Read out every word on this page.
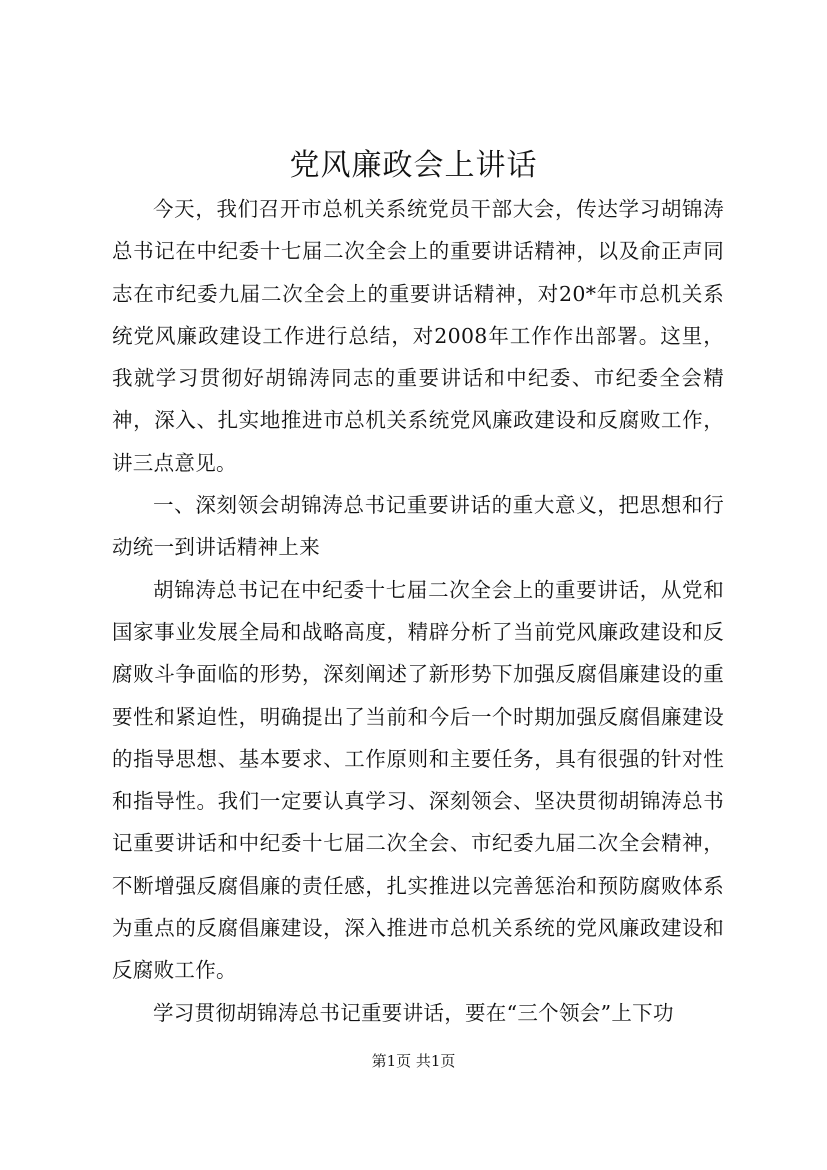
党风廉政会上讲话

今天，我们召开市总机关系统党员干部大会，传达学习胡锦涛总书记在中纪委十七届二次全会上的重要讲话精神，以及俞正声同志在市纪委九届二次全会上的重要讲话精神，对20*年市总机关系统党风廉政建设工作进行总结，对2008年工作作出部署。这里，我就学习贯彻好胡锦涛同志的重要讲话和中纪委、市纪委全会精神，深入、扎实地推进市总机关系统党风廉政建设和反腐败工作，讲三点意见。

一、深刻领会胡锦涛总书记重要讲话的重大意义，把思想和行动统一到讲话精神上来

胡锦涛总书记在中纪委十七届二次全会上的重要讲话，从党和国家事业发展全局和战略高度，精辟分析了当前党风廉政建设和反腐败斗争面临的形势，深刻阐述了新形势下加强反腐倡廉建设的重要性和紧迫性，明确提出了当前和今后一个时期加强反腐倡廉建设的指导思想、基本要求、工作原则和主要任务，具有很强的针对性和指导性。我们一定要认真学习、深刻领会、坚决贯彻胡锦涛总书记重要讲话和中纪委十七届二次全会、市纪委九届二次全会精神，不断增强反腐倡廉的责任感，扎实推进以完善惩治和预防腐败体系为重点的反腐倡廉建设，深入推进市总机关系统的党风廉政建设和反腐败工作。

学习贯彻胡锦涛总书记重要讲话，要在“三个领会”上下功

第1页 共1页
